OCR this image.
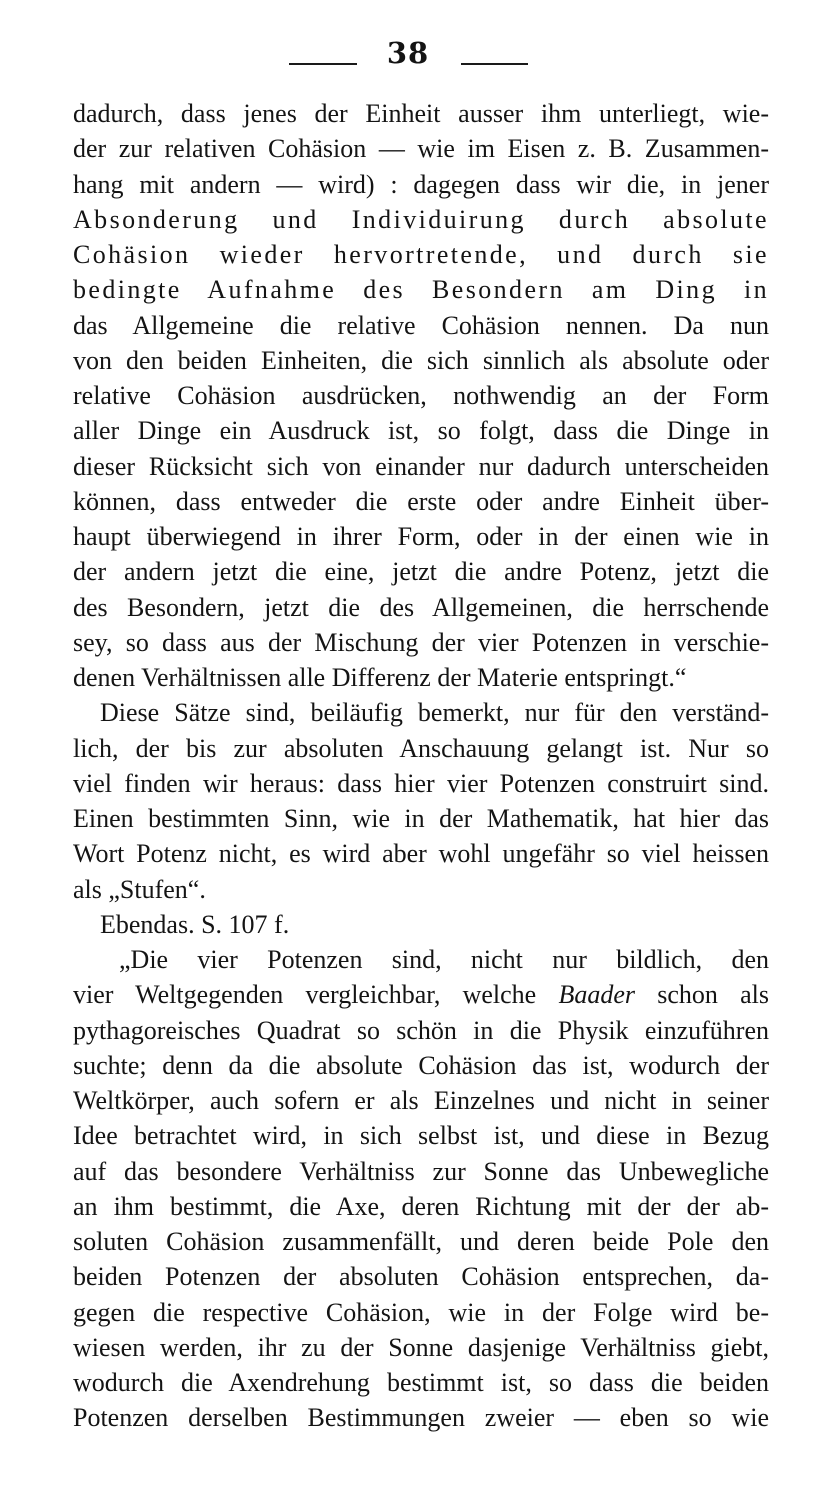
38
dadurch, dass jenes der Einheit ausser ihm unterliegt, wie-
der zur relativen Cohäsion — wie im Eisen z. B. Zusammen-
hang mit andern — wird) : dagegen dass wir die, in jener
Absonderung und Individuirung durch absolute
Cohäsion wieder hervortretende, und durch sie
bedingte Aufnahme des Besondern am Ding in
das Allgemeine die relative Cohäsion nennen. Da nun
von den beiden Einheiten, die sich sinnlich als absolute oder
relative Cohäsion ausdrücken, nothwendig an der Form
aller Dinge ein Ausdruck ist, so folgt, dass die Dinge in
dieser Rücksicht sich von einander nur dadurch unterscheiden
können, dass entweder die erste oder andre Einheit über-
haupt überwiegend in ihrer Form, oder in der einen wie in
der andern jetzt die eine, jetzt die andre Potenz, jetzt die
des Besondern, jetzt die des Allgemeinen, die herrschende
sey, so dass aus der Mischung der vier Potenzen in verschie-
denen Verhältnissen alle Differenz der Materie entspringt.“
Diese Sätze sind, beiläufig bemerkt, nur für den verständ-
lich, der bis zur absoluten Anschauung gelangt ist. Nur so
viel finden wir heraus: dass hier vier Potenzen construirt sind.
Einen bestimmten Sinn, wie in der Mathematik, hat hier das
Wort Potenz nicht, es wird aber wohl ungefähr so viel heissen
als „Stufen“.
Ebendas. S. 107 f.
„Die vier Potenzen sind, nicht nur bildlich, den
vier Weltgegenden vergleichbar, welche Baader schon als
pythagoreisches Quadrat so schön in die Physik einzuführen
suchte; denn da die absolute Cohäsion das ist, wodurch der
Weltkörper, auch sofern er als Einzelnes und nicht in seiner
Idee betrachtet wird, in sich selbst ist, und diese in Bezug
auf das besondere Verhältniss zur Sonne das Unbewegliche
an ihm bestimmt, die Axe, deren Richtung mit der der ab-
soluten Cohäsion zusammenfällt, und deren beide Pole den
beiden Potenzen der absoluten Cohäsion entsprechen, da-
gegen die respective Cohäsion, wie in der Folge wird be-
wiesen werden, ihr zu der Sonne dasjenige Verhältniss giebt,
wodurch die Axendrehung bestimmt ist, so dass die beiden
Potenzen derselben Bestimmungen zweier — eben so wie
